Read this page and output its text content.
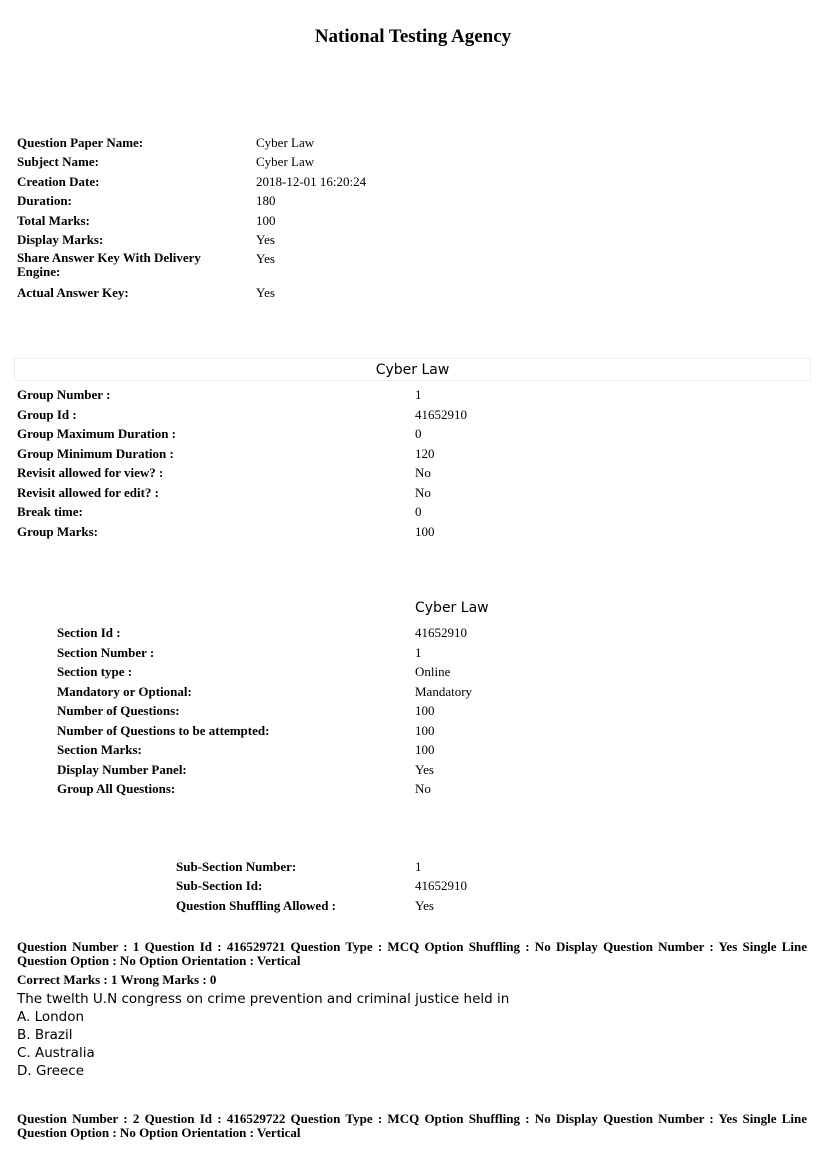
National Testing Agency
Question Paper Name:	Cyber Law
Subject Name:	Cyber Law
Creation Date:	2018-12-01 16:20:24
Duration:	180
Total Marks:	100
Display Marks:	Yes
Share Answer Key With Delivery Engine:
Yes
Actual Answer Key:	Yes
Cyber Law
Group Number :	1
Group Id :	41652910
Group Maximum Duration :	0
Group Minimum Duration :	120
Revisit allowed for view? :	No
Revisit allowed for edit? :	No
Break time:	0
Group Marks:	100
Cyber Law
Section Id :	41652910
Section Number :	1
Section type :	Online
Mandatory or Optional:	Mandatory
Number of Questions:	100
Number of Questions to be attempted:	100
Section Marks:	100
Display Number Panel:	Yes
Group All Questions:	No
Sub-Section Number:	1
Sub-Section Id:	41652910
Question Shuffling Allowed :	Yes
Question Number : 1 Question Id : 416529721 Question Type : MCQ Option Shuffling : No Display Question Number : Yes Single Line Question Option : No Option Orientation : Vertical
Correct Marks : 1 Wrong Marks : 0
The twelth U.N congress on crime prevention and criminal justice held in
A. London
B. Brazil
C. Australia
D. Greece
Question Number : 2 Question Id : 416529722 Question Type : MCQ Option Shuffling : No Display Question Number : Yes Single Line Question Option : No Option Orientation : Vertical
